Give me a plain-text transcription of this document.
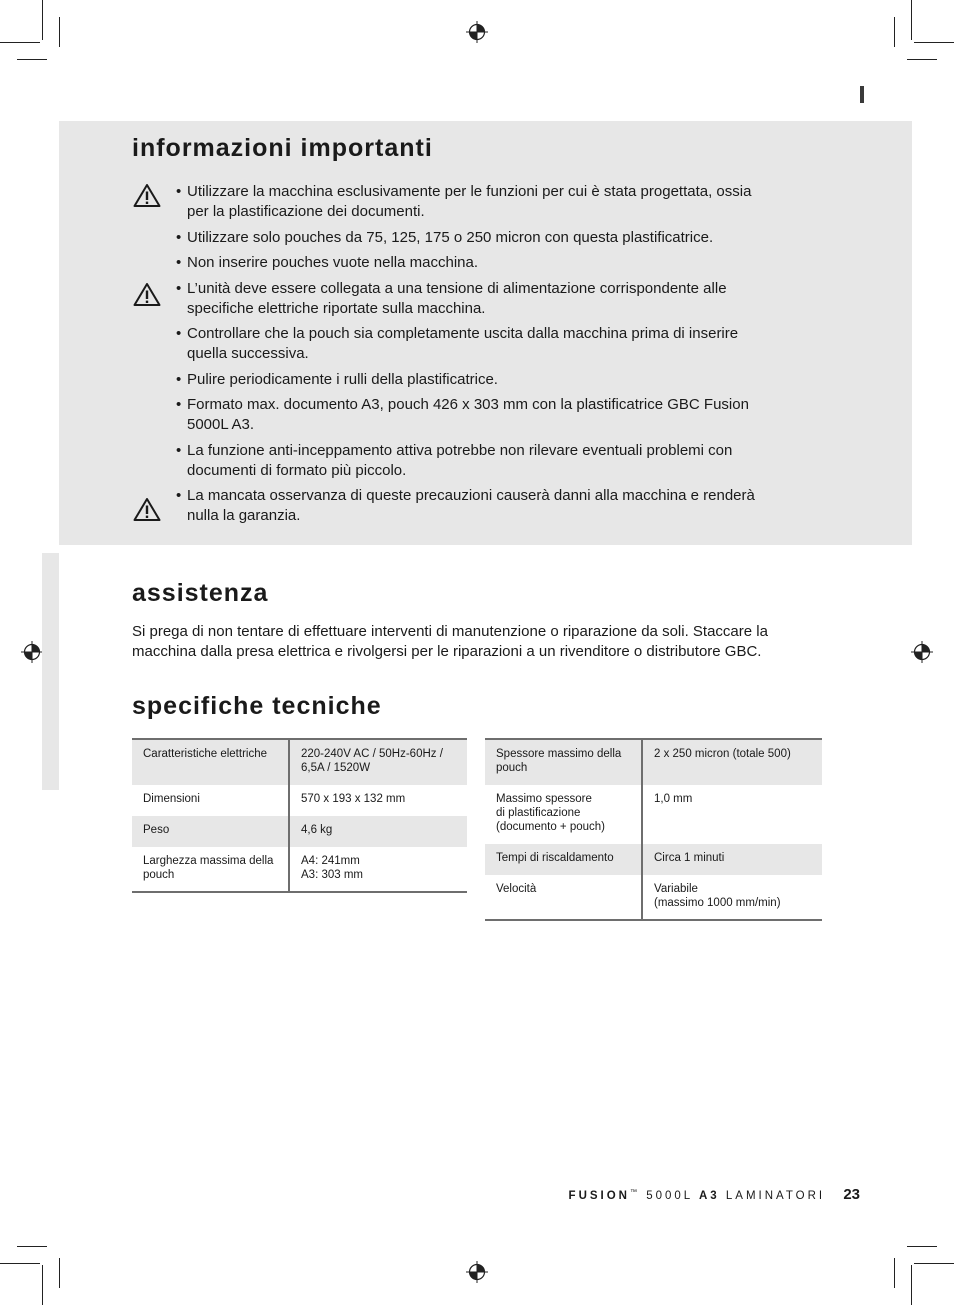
informazioni importanti
• Utilizzare la macchina esclusivamente per le funzioni per cui è stata progettata, ossia per la plastificazione dei documenti.
• Utilizzare solo pouches da 75, 125, 175 o 250 micron con questa plastificatrice.
• Non inserire pouches vuote nella macchina.
• L’unità deve essere collegata a una tensione di alimentazione corrispondente alle specifiche elettriche riportate sulla macchina.
• Controllare che la pouch sia completamente uscita dalla macchina prima di inserire quella successiva.
• Pulire periodicamente i rulli della plastificatrice.
• Formato max. documento A3, pouch 426 x 303 mm con la plastificatrice GBC Fusion 5000L A3.
• La funzione anti-inceppamento attiva potrebbe non rilevare eventuali problemi con documenti di formato più piccolo.
• La mancata osservanza di queste precauzioni causerà danni alla macchina e renderà nulla la garanzia.
assistenza
Si prega di non tentare di effettuare interventi di manutenzione o riparazione da soli. Staccare la macchina dalla presa elettrica e rivolgersi per le riparazioni a un rivenditore o distributore GBC.
specifiche tecniche
Caratteristiche elettriche	220-240V AC / 50Hz-60Hz / 6,5A / 1520W
Dimensioni	570 x 193 x 132 mm
Peso	4,6 kg
Larghezza massima della pouch	A4: 241mm
A3: 303 mm
Spessore massimo della pouch	2 x 250 micron (totale 500)
Massimo spessore
di plastificazione
(documento + pouch)	1,0 mm
Tempi di riscaldamento	Circa 1 minuti
Velocità	Variabile
(massimo 1000 mm/min)
FUSION™ 5000L A3 LAMINATORI 23
